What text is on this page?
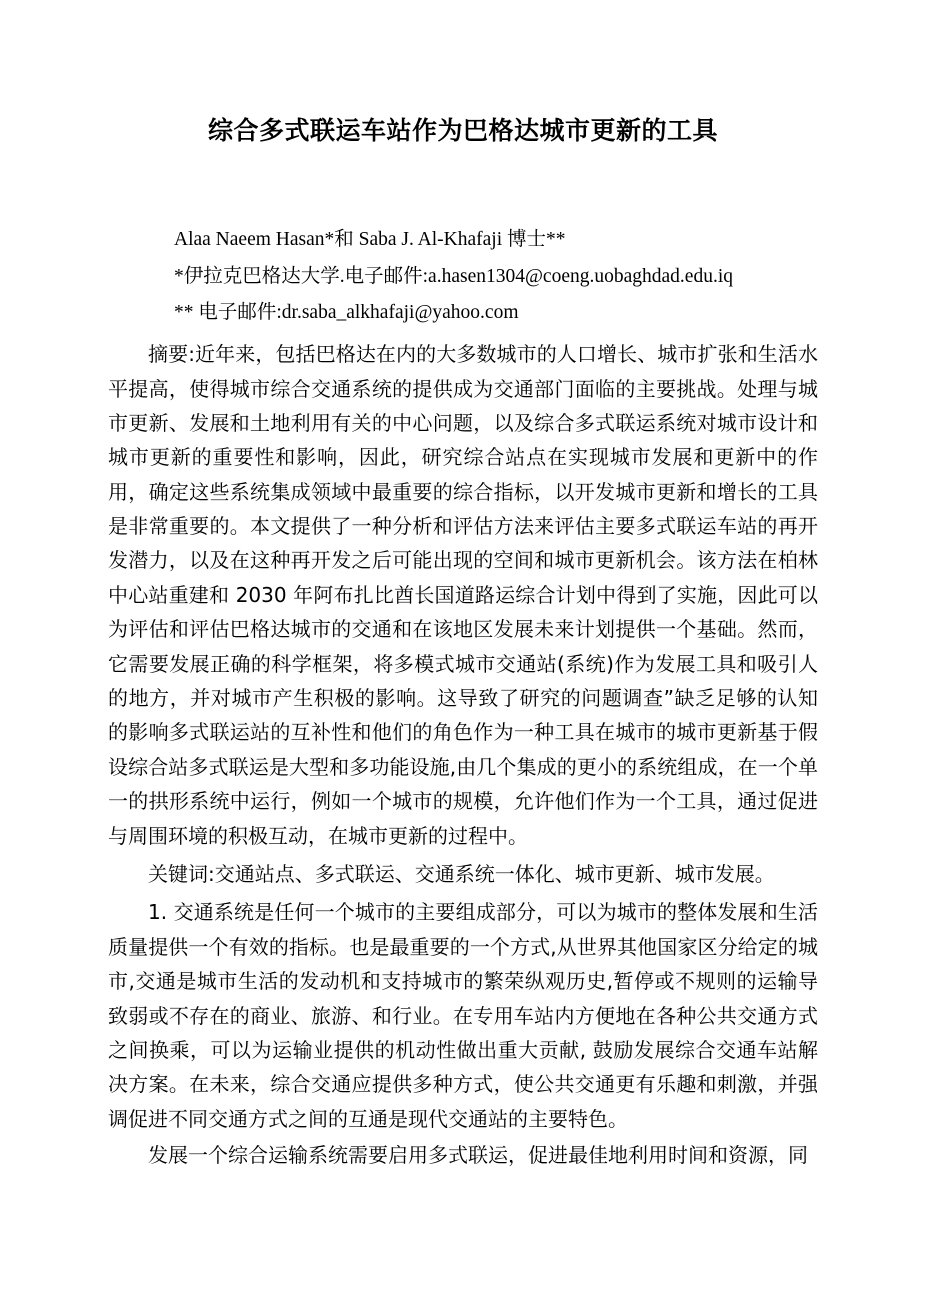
综合多式联运车站作为巴格达城市更新的工具

Alaa Naeem Hasan*和 Saba J. Al-Khafaji 博士**

*伊拉克巴格达大学.电子邮件:a.hasen1304@coeng.uobaghdad.edu.iq

** 电子邮件:dr.saba_alkhafaji@yahoo.com

摘要:近年来，包括巴格达在内的大多数城市的人口增长、城市扩张和生活水平提高，使得城市综合交通系统的提供成为交通部门面临的主要挑战。处理与城市更新、发展和土地利用有关的中心问题，以及综合多式联运系统对城市设计和城市更新的重要性和影响，因此，研究综合站点在实现城市发展和更新中的作用，确定这些系统集成领域中最重要的综合指标，以开发城市更新和增长的工具是非常重要的。本文提供了一种分析和评估方法来评估主要多式联运车站的再开发潜力，以及在这种再开发之后可能出现的空间和城市更新机会。该方法在柏林中心站重建和 2030 年阿布扎比酋长国道路运综合计划中得到了实施，因此可以为评估和评估巴格达城市的交通和在该地区发展未来计划提供一个基础。然而，它需要发展正确的科学框架，将多模式城市交通站(系统)作为发展工具和吸引人的地方，并对城市产生积极的影响。这导致了研究的问题调查”缺乏足够的认知的影响多式联运站的互补性和他们的角色作为一种工具在城市的城市更新基于假设综合站多式联运是大型和多功能设施,由几个集成的更小的系统组成，在一个单一的拱形系统中运行，例如一个城市的规模，允许他们作为一个工具，通过促进与周围环境的积极互动，在城市更新的过程中。

关键词:交通站点、多式联运、交通系统一体化、城市更新、城市发展。

1. 交通系统是任何一个城市的主要组成部分，可以为城市的整体发展和生活质量提供一个有效的指标。也是最重要的一个方式,从世界其他国家区分给定的城市,交通是城市生活的发动机和支持城市的繁荣纵观历史,暂停或不规则的运输导致弱或不存在的商业、旅游、和行业。在专用车站内方便地在各种公共交通方式之间换乘，可以为运输业提供的机动性做出重大贡献, 鼓励发展综合交通车站解决方案。在未来，综合交通应提供多种方式，使公共交通更有乐趣和刺激，并强调促进不同交通方式之间的互通是现代交通站的主要特色。

发展一个综合运输系统需要启用多式联运，促进最佳地利用时间和资源，同
